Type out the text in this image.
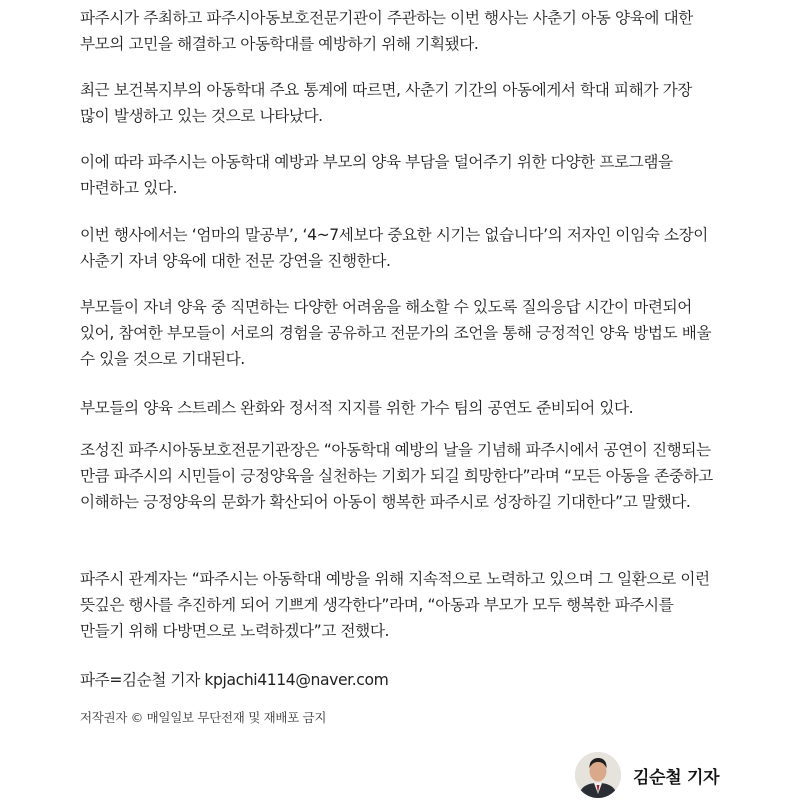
파주시가 주최하고 파주시아동보호전문기관이 주관하는 이번 행사는 사춘기 아동 양육에 대한 부모의 고민을 해결하고 아동학대를 예방하기 위해 기획됐다.

최근 보건복지부의 아동학대 주요 통계에 따르면, 사춘기 기간의 아동에게서 학대 피해가 가장 많이 발생하고 있는 것으로 나타났다.

이에 따라 파주시는 아동학대 예방과 부모의 양육 부담을 덜어주기 위한 다양한 프로그램을 마련하고 있다.

이번 행사에서는 ‘엄마의 말공부’, ‘4~7세보다 중요한 시기는 없습니다’의 저자인 이임숙 소장이 사춘기 자녀 양육에 대한 전문 강연을 진행한다.

부모들이 자녀 양육 중 직면하는 다양한 어려움을 해소할 수 있도록 질의응답 시간이 마련되어 있어, 참여한 부모들이 서로의 경험을 공유하고 전문가의 조언을 통해 긍정적인 양육 방법도 배울 수 있을 것으로 기대된다.

부모들의 양육 스트레스 완화와 정서적 지지를 위한 가수 팀의 공연도 준비되어 있다.

조성진 파주시아동보호전문기관장은 “아동학대 예방의 날을 기념해 파주시에서 공연이 진행되는 만큼 파주시의 시민들이 긍정양육을 실천하는 기회가 되길 희망한다”라며 “모든 아동을 존중하고 이해하는 긍정양육의 문화가 확산되어 아동이 행복한 파주시로 성장하길 기대한다”고 말했다.

파주시 관계자는 “파주시는 아동학대 예방을 위해 지속적으로 노력하고 있으며 그 일환으로 이런 뜻깊은 행사를 추진하게 되어 기쁘게 생각한다”라며, “아동과 부모가 모두 행복한 파주시를 만들기 위해 다방면으로 노력하겠다”고 전했다.

파주=김순철 기자 kpjachi4114@naver.com

저작권자 © 매일일보 무단전재 및 재배포 금지
김순철 기자
